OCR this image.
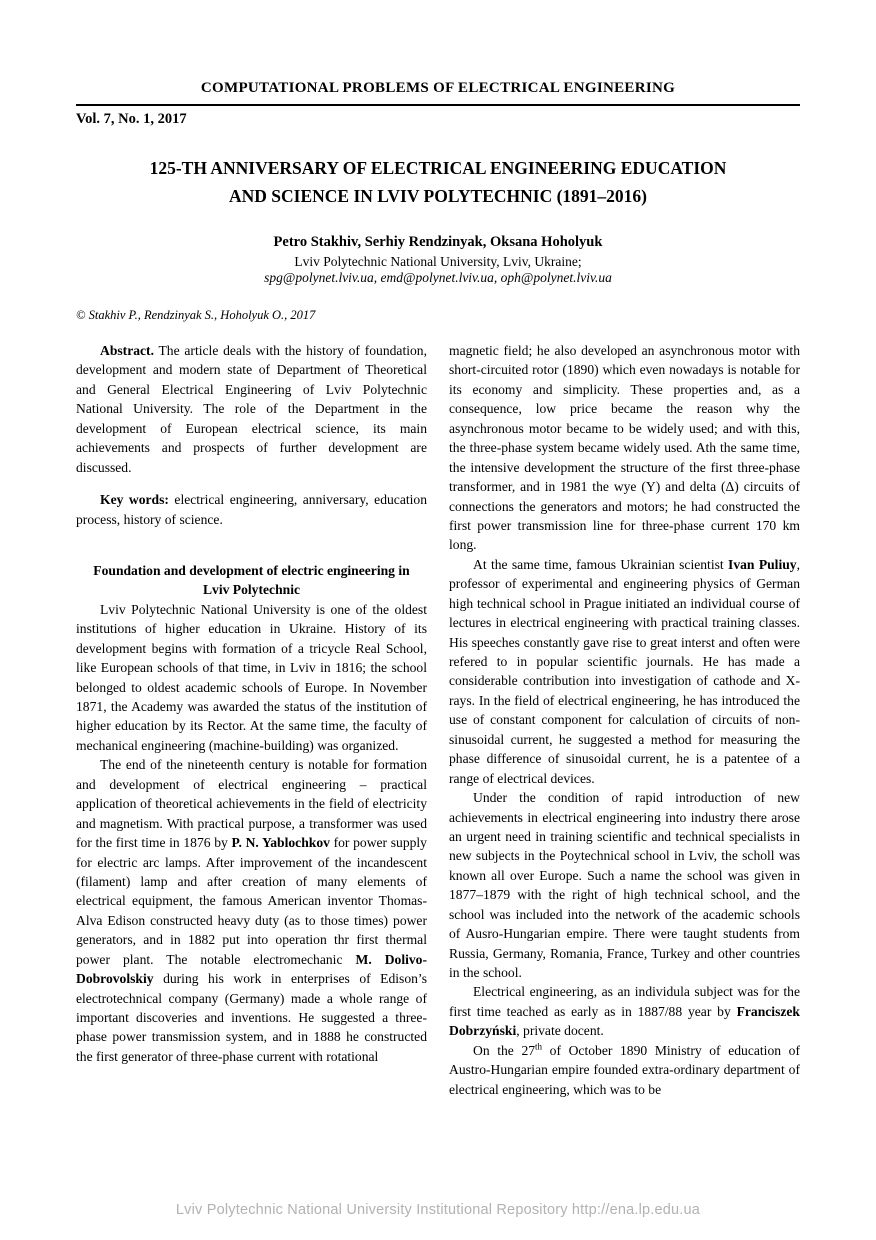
COMPUTATIONAL PROBLEMS OF ELECTRICAL ENGINEERING
Vol. 7, No. 1, 2017
125-TH ANNIVERSARY OF ELECTRICAL ENGINEERING EDUCATION
AND SCIENCE IN LVIV POLYTECHNIC (1891–2016)
Petro Stakhiv, Serhiy Rendzinyak, Oksana Hoholyuk
Lviv Polytechnic National University, Lviv, Ukraine;
spg@polynet.lviv.ua, emd@polynet.lviv.ua, oph@polynet.lviv.ua
© Stakhiv P., Rendzinyak S., Hoholyuk O., 2017

Abstract. The article deals with the history of foundation, development and modern state of Department of Theoretical and General Electrical Engineering of Lviv Polytechnic National University. The role of the Department in the development of European electrical science, its main achievements and prospects of further development are discussed.

Key words: electrical engineering, anniversary, education process, history of science.

Foundation and development of electric engineering in Lviv Polytechnic

Lviv Polytechnic National University is one of the oldest institutions of higher education in Ukraine. History of its development begins with formation of a tricycle Real School, like European schools of that time, in Lviv in 1816; the school belonged to oldest academic schools of Europe. In November 1871, the Academy was awarded the status of the institution of higher education by its Rector. At the same time, the faculty of mechanical engineering (machine-building) was organized.

The end of the nineteenth century is notable for formation and development of electrical engineering – practical application of theoretical achievements in the field of electricity and magnetism. With practical purpose, a transformer was used for the first time in 1876 by P. N. Yablochkov for power supply for electric arc lamps. After improvement of the incandescent (filament) lamp and after creation of many elements of electrical equipment, the famous American inventor Thomas-Alva Edison constructed heavy duty (as to those times) power generators, and in 1882 put into operation thr first thermal power plant. The notable electromechanic M. Dolivo-Dobrovolskiy during his work in enterprises of Edison’s electrotechnical company (Germany) made a whole range of important discoveries and inventions. He suggested a three-phase power transmission system, and in 1888 he constructed the first generator of three-phase current with rotational

magnetic field; he also developed an asynchronous motor with short-circuited rotor (1890) which even nowadays is notable for its economy and simplicity. These properties and, as a consequence, low price became the reason why the asynchronous motor became to be widely used; and with this, the three-phase system became widely used. Ath the same time, the intensive development the structure of the first three-phase transformer, and in 1981 the wye (Y) and delta (Δ) circuits of connections the generators and motors; he had constructed the first power transmission line for three-phase current 170 km long.

At the same time, famous Ukrainian scientist Ivan Puliuy, professor of experimental and engineering physics of German high technical school in Prague initiated an individual course of lectures in electrical engineering with practical training classes. His speeches constantly gave rise to great interst and often were refered to in popular scientific journals. He has made a considerable contribution into investigation of cathode and X-rays. In the field of electrical engineering, he has introduced the use of constant component for calculation of circuits of non-sinusoidal current, he suggested a method for measuring the phase difference of sinusoidal current, he is a patentee of a range of electrical devices.

Under the condition of rapid introduction of new achievements in electrical engineering into industry there arose an urgent need in training scientific and technical specialists in new subjects in the Poytechnical school in Lviv, the scholl was known all over Europe. Such a name the school was given in 1877–1879 with the right of high technical school, and the school was included into the network of the academic schools of Ausro-Hungarian empire. There were taught students from Russia, Germany, Romania, France, Turkey and other countries in the school.

Electrical engineering, as an individula subject was for the first time teached as early as in 1887/88 year by Franciszek Dobrzyński, private docent.

On the 27th of October 1890 Ministry of education of Austro-Hungarian empire founded extra-ordinary department of electrical engineering, which was to be

Lviv Polytechnic National University Institutional Repository http://ena.lp.edu.ua
